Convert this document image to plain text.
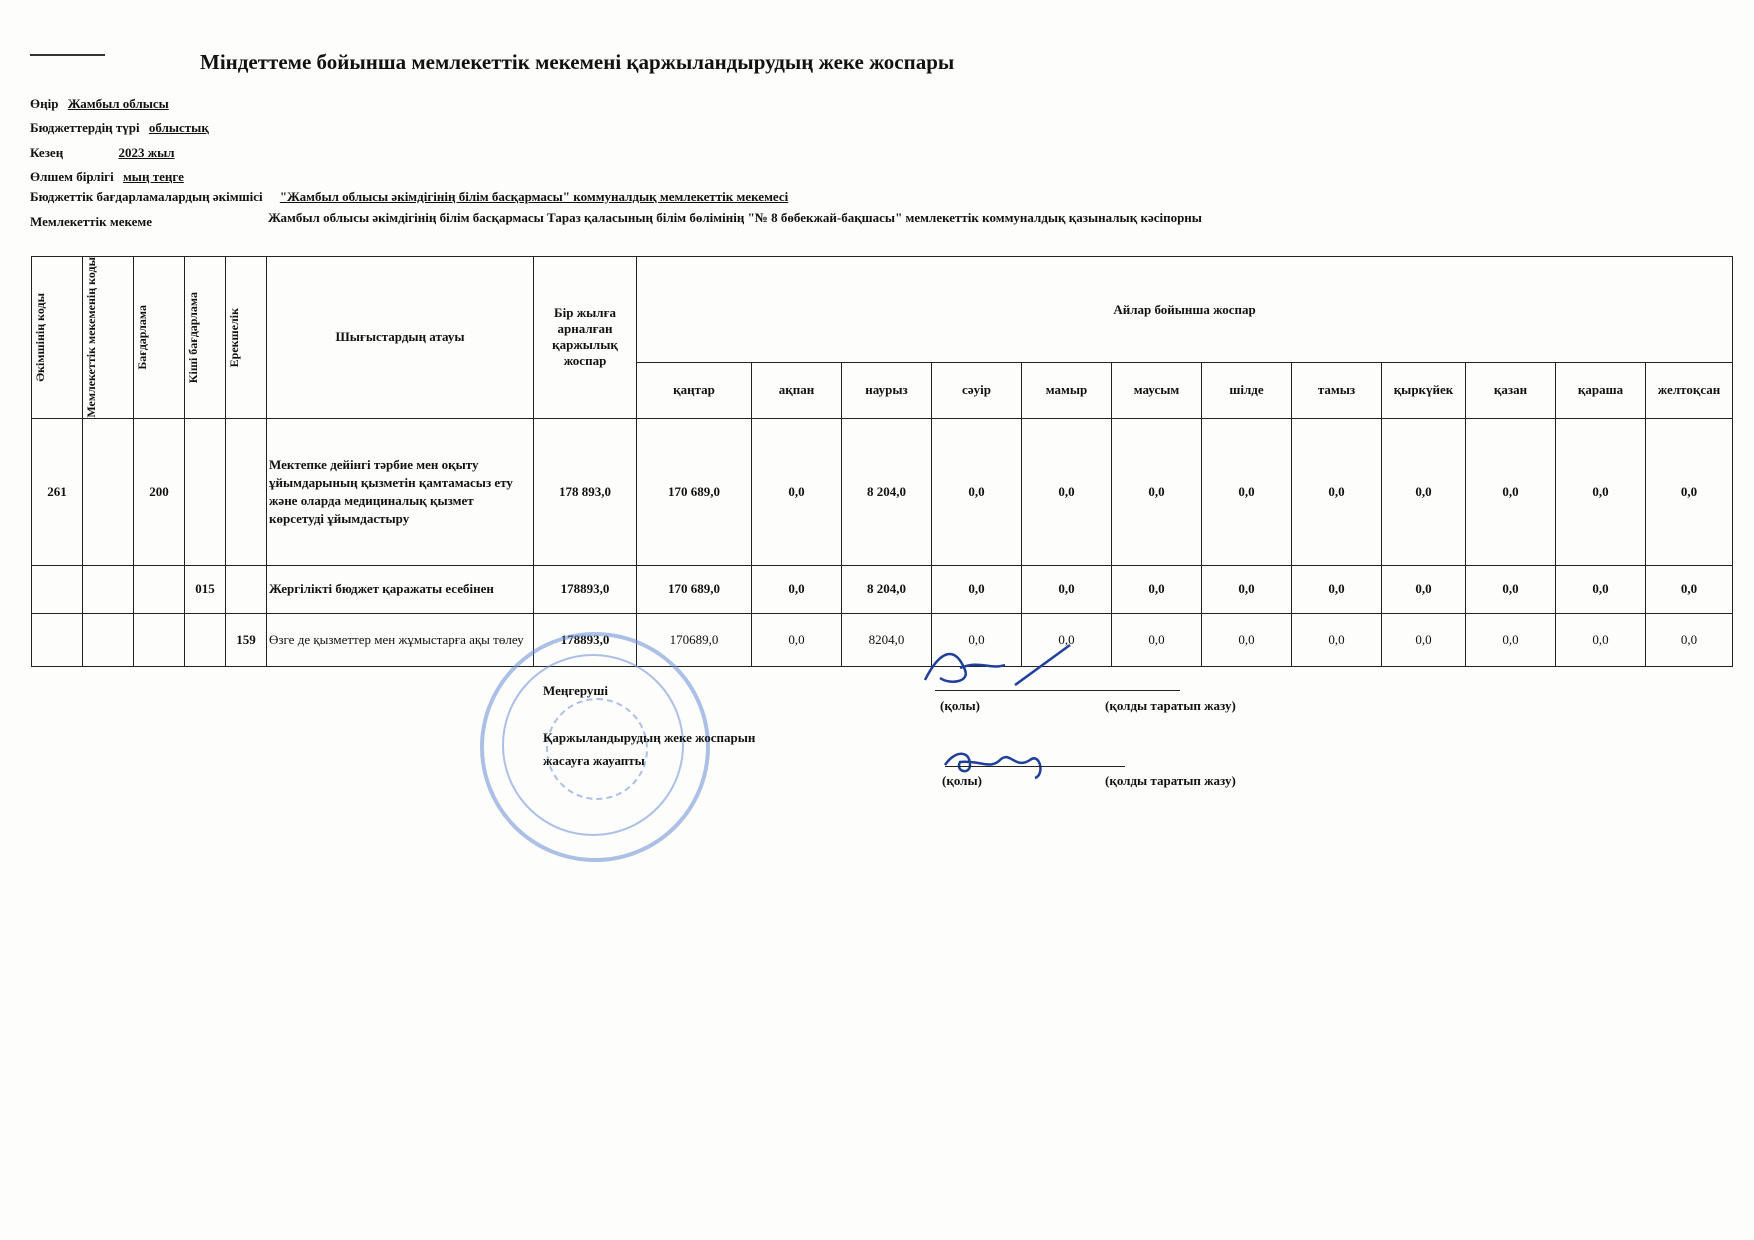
Міндеттеме бойынша мемлекеттік мекемені қаржыландырудың жеке жоспары
Өңір Жамбыл облысы
Бюджеттердің түрі облыстық
Кезең	2023 жыл
Өлшем бірлігі мың теңге
Бюджеттік бағдарламалардың әкімшісі "Жамбыл облысы әкімдігінің білім басқармасы" коммуналдық мемлекеттік мекемесі
Мемлекеттік мекеме	Жамбыл облысы әкімдігінің білім басқармасы Тараз қаласының білім бөлімінің "№ 8 бөбекжай-бақшасы" мемлекеттік коммуналдық қазыналық кәсіпорны
Әкімшінің коды	Мемлекеттік мекеменің коды	Бағдарлама	Кіші бағдарлама	Ерекшелік	Шығыстардың атауы	Бір жылға арналған қаржылық жоспар	Айлар бойынша жоспар											
							қаңтар	ақпан	наурыз	сәуір	мамыр	маусым	шілде	тамыз	қыркүйек	қазан	қараша	желтоқсан
261		200			Мектепке дейінгі тәрбие мен оқыту ұйымдарының қызметін қамтамасыз ету және оларда медициналық қызмет көрсетуді ұйымдастыру	178 893,0	170 689,0	0,0	8 204,0	0,0	0,0	0,0	0,0	0,0	0,0	0,0	0,0	0,0
			015		Жергілікті бюджет қаражаты есебінен	178893,0	170 689,0	0,0	8 204,0	0,0	0,0	0,0	0,0	0,0	0,0	0,0	0,0	0,0
				159	Өзге де қызметтер мен жұмыстарға ақы төлеу	178893,0	170689,0	0,0	8204,0	0,0	0,0	0,0	0,0	0,0	0,0	0,0	0,0	0,0
Меңгеруші
Қаржыландырудың жеке жоспарын
жасауға жауапты
(қолы)	(қолды таратып жазу)
(қолы)	(қолды таратып жазу)
